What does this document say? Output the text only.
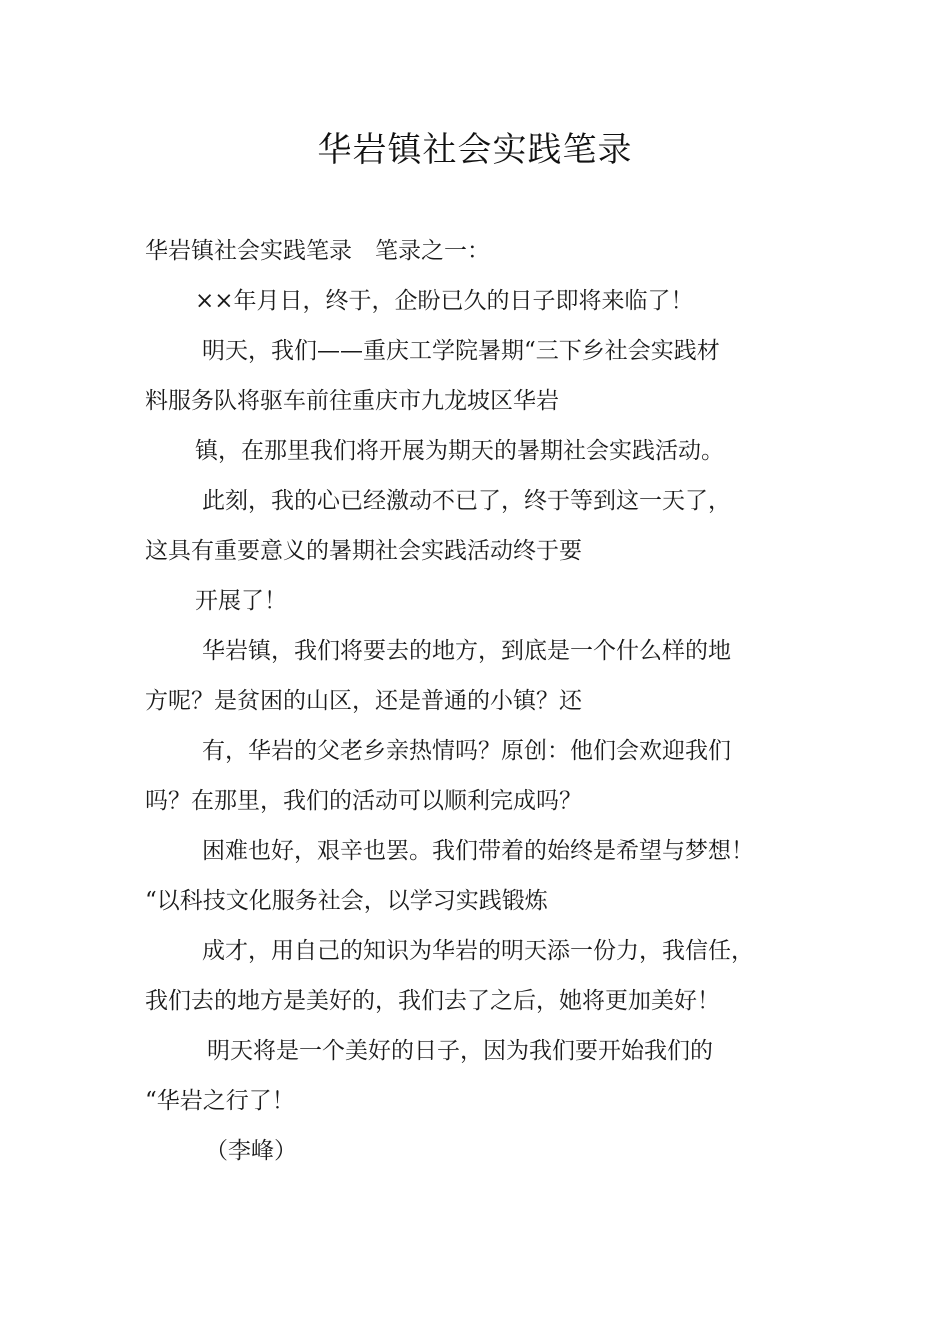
华岩镇社会实践笔录
华岩镇社会实践笔录　笔录之一：
××年月日，终于，企盼已久的日子即将来临了！
明天，我们——重庆工学院暑期“三下乡社会实践材
料服务队将驱车前往重庆市九龙坡区华岩
镇，在那里我们将开展为期天的暑期社会实践活动。
此刻，我的心已经激动不已了，终于等到这一天了，
这具有重要意义的暑期社会实践活动终于要
开展了！
华岩镇，我们将要去的地方，到底是一个什么样的地
方呢？是贫困的山区，还是普通的小镇？还
有，华岩的父老乡亲热情吗？原创：他们会欢迎我们
吗？在那里，我们的活动可以顺利完成吗？
困难也好，艰辛也罢。我们带着的始终是希望与梦想！
“以科技文化服务社会，以学习实践锻炼
成才，用自己的知识为华岩的明天添一份力，我信任，
我们去的地方是美好的，我们去了之后，她将更加美好！
明天将是一个美好的日子，因为我们要开始我们的
“华岩之行了！
（李峰）
